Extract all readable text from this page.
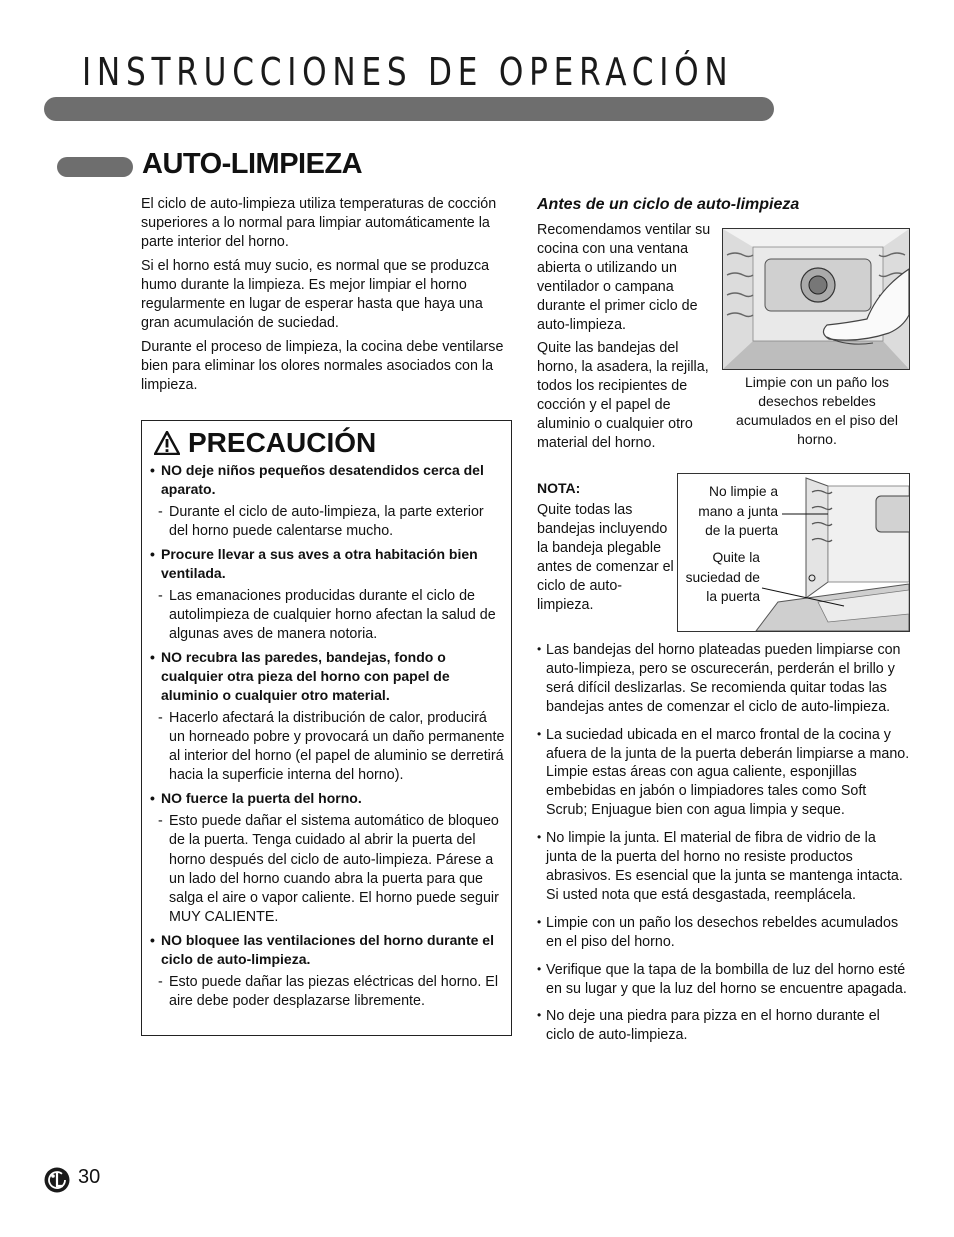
INSTRUCCIONES DE OPERACIÓN
AUTO-LIMPIEZA

El ciclo de auto-limpieza utiliza temperaturas de cocción superiores a lo normal para limpiar automáticamente la parte interior del horno.

Si el horno está muy sucio, es normal que se produzca humo durante la limpieza. Es mejor limpiar el horno regularmente en lugar de esperar hasta que haya una gran acumulación de suciedad.

Durante el proceso de limpieza, la cocina debe ventilarse bien para eliminar los olores normales asociados con la limpieza.

PRECAUCIÓN
• NO deje niños pequeños desatendidos cerca del aparato.
- Durante el ciclo de auto-limpieza, la parte exterior del horno puede calentarse mucho.
• Procure llevar a sus aves a otra habitación bien ventilada.
- Las emanaciones producidas durante el ciclo de autolimpieza de cualquier horno afectan la salud de algunas aves de manera notoria.
• NO recubra las paredes, bandejas, fondo o cualquier otra pieza del horno con papel de aluminio o cualquier otro material.
- Hacerlo afectará la distribución de calor, producirá un horneado pobre y provocará un daño permanente al interior del horno (el papel de aluminio se derretirá hacia la superficie interna del horno).
• NO fuerce la puerta del horno.
- Esto puede dañar el sistema automático de bloqueo de la puerta. Tenga cuidado al abrir la puerta del horno después del ciclo de auto-limpieza. Párese a un lado del horno cuando abra la puerta para que salga el aire o vapor caliente. El horno puede seguir MUY CALIENTE.
• NO bloquee las ventilaciones del horno durante el ciclo de auto-limpieza.
- Esto puede dañar las piezas eléctricas del horno. El aire debe poder desplazarse libremente.
Antes de un ciclo de auto-limpieza

Recomendamos ventilar su cocina con una ventana abierta o utilizando un ventilador o campana durante el primer ciclo de auto-limpieza.

Quite las bandejas del horno, la asadera, la rejilla, todos los recipientes de cocción y el papel de aluminio o cualquier otro material del horno.

Limpie con un paño los desechos rebeldes acumulados en el piso del horno.
NOTA:
Quite todas las bandejas incluyendo la bandeja plegable antes de comenzar el ciclo de auto-limpieza.
No limpie a mano a junta de la puerta
Quite la suciedad de la puerta
• Las bandejas del horno plateadas pueden limpiarse con auto-limpieza, pero se oscurecerán, perderán el brillo y será difícil deslizarlas. Se recomienda quitar todas las bandejas antes de comenzar el ciclo de auto-limpieza.
• La suciedad ubicada en el marco frontal de la cocina y afuera de la junta de la puerta deberán limpiarse a mano. Limpie estas áreas con agua caliente, esponjillas embebidas en jabón o limpiadores tales como Soft Scrub; Enjuague bien con agua limpia y seque.
• No limpie la junta. El material de fibra de vidrio de la junta de la puerta del horno no resiste productos abrasivos. Es esencial que la junta se mantenga intacta. Si usted nota que está desgastada, reemplácela.
• Limpie con un paño los desechos rebeldes acumulados en el piso del horno.
• Verifique que la tapa de la bombilla de luz del horno esté en su lugar y que la luz del horno se encuentre apagada.
• No deje una piedra para pizza en el horno durante el ciclo de auto-limpieza.
30
